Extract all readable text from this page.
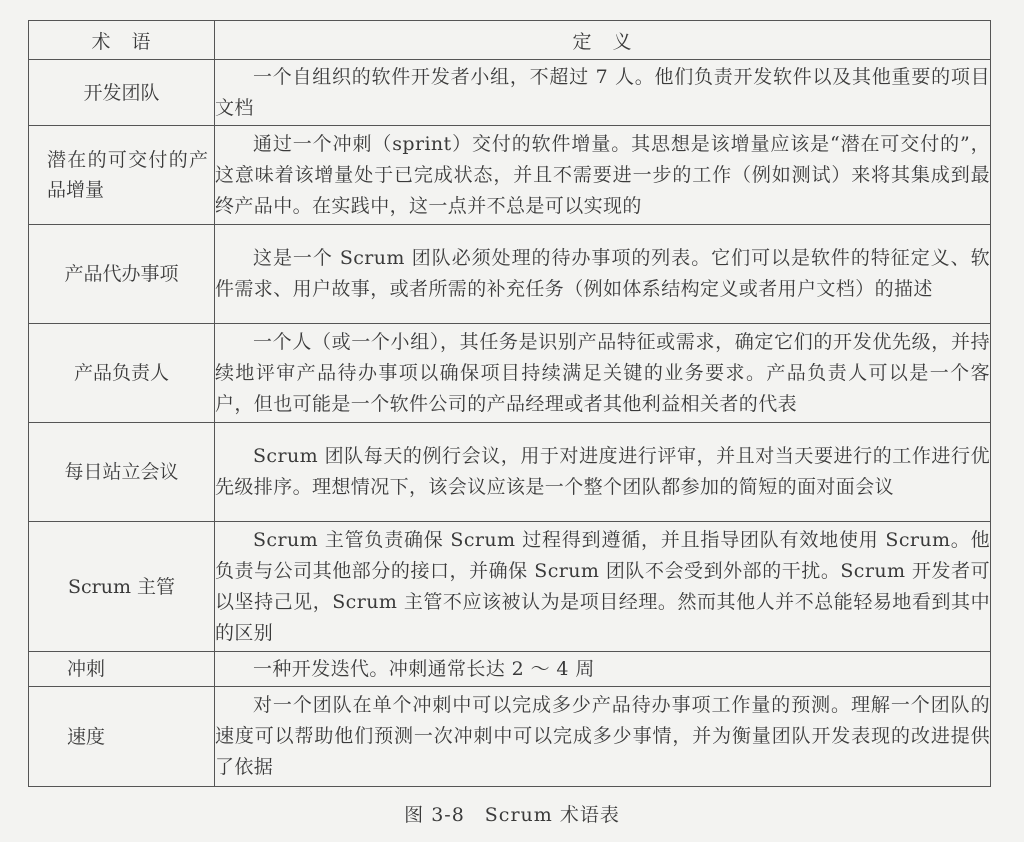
术　语	定　义
开发团队	一个自组织的软件开发者小组，不超过 7 人。他们负责开发软件以及其他重要的项目文档
潜在的可交付的产品增量	通过一个冲刺（sprint）交付的软件增量。其思想是该增量应该是“潜在可交付的”，这意味着该增量处于已完成状态，并且不需要进一步的工作（例如测试）来将其集成到最终产品中。在实践中，这一点并不总是可以实现的
产品代办事项	这是一个 Scrum 团队必须处理的待办事项的列表。它们可以是软件的特征定义、软件需求、用户故事，或者所需的补充任务（例如体系结构定义或者用户文档）的描述
产品负责人	一个人（或一个小组），其任务是识别产品特征或需求，确定它们的开发优先级，并持续地评审产品待办事项以确保项目持续满足关键的业务要求。产品负责人可以是一个客户，但也可能是一个软件公司的产品经理或者其他利益相关者的代表
每日站立会议	Scrum 团队每天的例行会议，用于对进度进行评审，并且对当天要进行的工作进行优先级排序。理想情况下，该会议应该是一个整个团队都参加的简短的面对面会议
Scrum 主管	Scrum 主管负责确保 Scrum 过程得到遵循，并且指导团队有效地使用 Scrum。他负责与公司其他部分的接口，并确保 Scrum 团队不会受到外部的干扰。Scrum 开发者可以坚持己见，Scrum 主管不应该被认为是项目经理。然而其他人并不总能轻易地看到其中的区别
冲刺	一种开发迭代。冲刺通常长达 2 ～ 4 周
速度	对一个团队在单个冲刺中可以完成多少产品待办事项工作量的预测。理解一个团队的速度可以帮助他们预测一次冲刺中可以完成多少事情，并为衡量团队开发表现的改进提供了依据
图 3-8　Scrum 术语表
